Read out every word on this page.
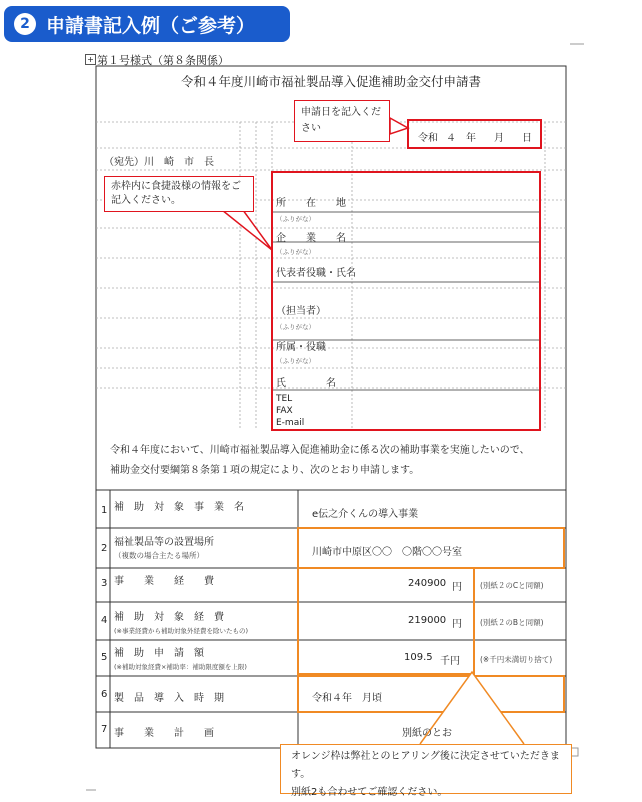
2 申請書記入例（ご参考）
+ 第１号様式（第８条関係）
令和４年度川崎市福祉製品導入促進補助金交付申請書
申請日を記入ください
令和 ４ 年 月 日
（宛先）川　崎　市　長
赤枠内に食捷設様の情報をご記入ください。	所　　在　　地
（ふりがな）
企　　業　　名
（ふりがな）
代表者役職・氏名
（担当者）
（ふりがな）
所属・役職
（ふりがな）
氏　　　　名
TEL
FAX
E-mail
令和４年度において、川崎市福祉製品導入促進補助金に係る次の補助事業を実施したいので、
補助金交付要綱第８条第１項の規定により、次のとおり申請します。
1 補　助　対　象　事　業　名
e伝之介くんの導入事業
2
福祉製品等の設置場所
（複数の場合主たる場所）	川崎市中原区〇〇　〇階〇〇号室
3 事　　業　　経　　費	240900 円 (別紙２のCと同額)
4 補　助　対　象　経　費
(※事業経費から補助対象外経費を除いたもの)
219000 円 (別紙２のBと同額)
5 補　助　申　請　額
(※補助対象経費×補助率：補助限度額を上限)
109.5 千円	(※千円未満切り捨て)
6 製　品　導　入　時　期	令和４年　月頃
7 事　　業　　計　　画	別紙のとお
オレンジ枠は弊社とのヒアリング後に決定させていただきます。
別紙2も合わせてご確認ください。
